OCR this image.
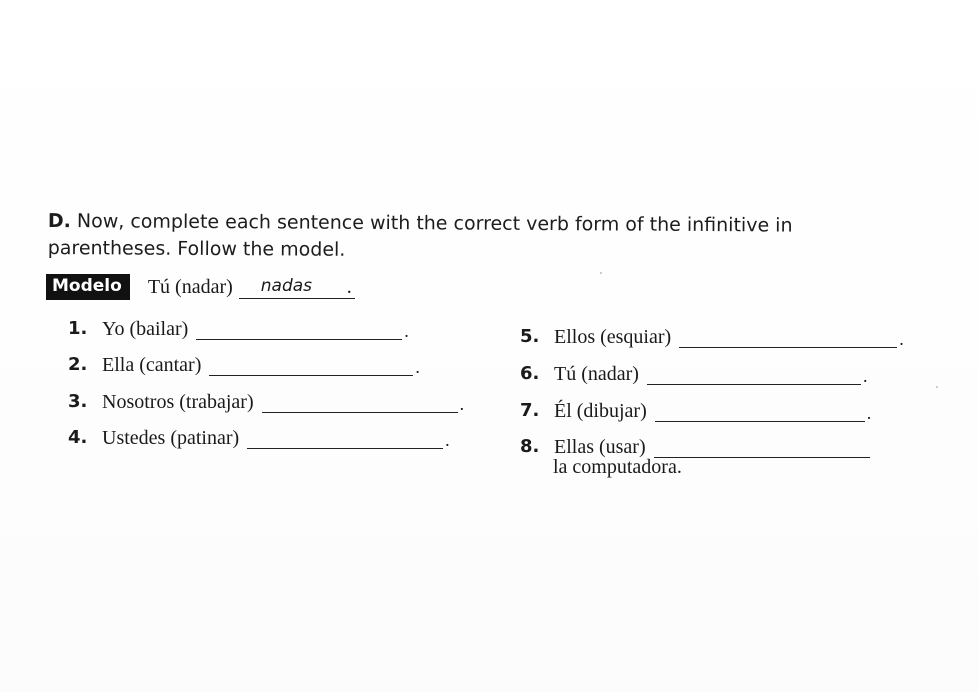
D. Now, complete each sentence with the correct verb form of the infinitive in parentheses. Follow the model.
Modelo	Tú (nadar)	nadas	.
1. Yo (bailar)	.
2. Ella (cantar)	.
3. Nosotros (trabajar)	.
4. Ustedes (patinar)	.
5. Ellos (esquiar)	.
6. Tú (nadar)	.
7. Él (dibujar)	.
8. Ellas (usar)
la computadora.
